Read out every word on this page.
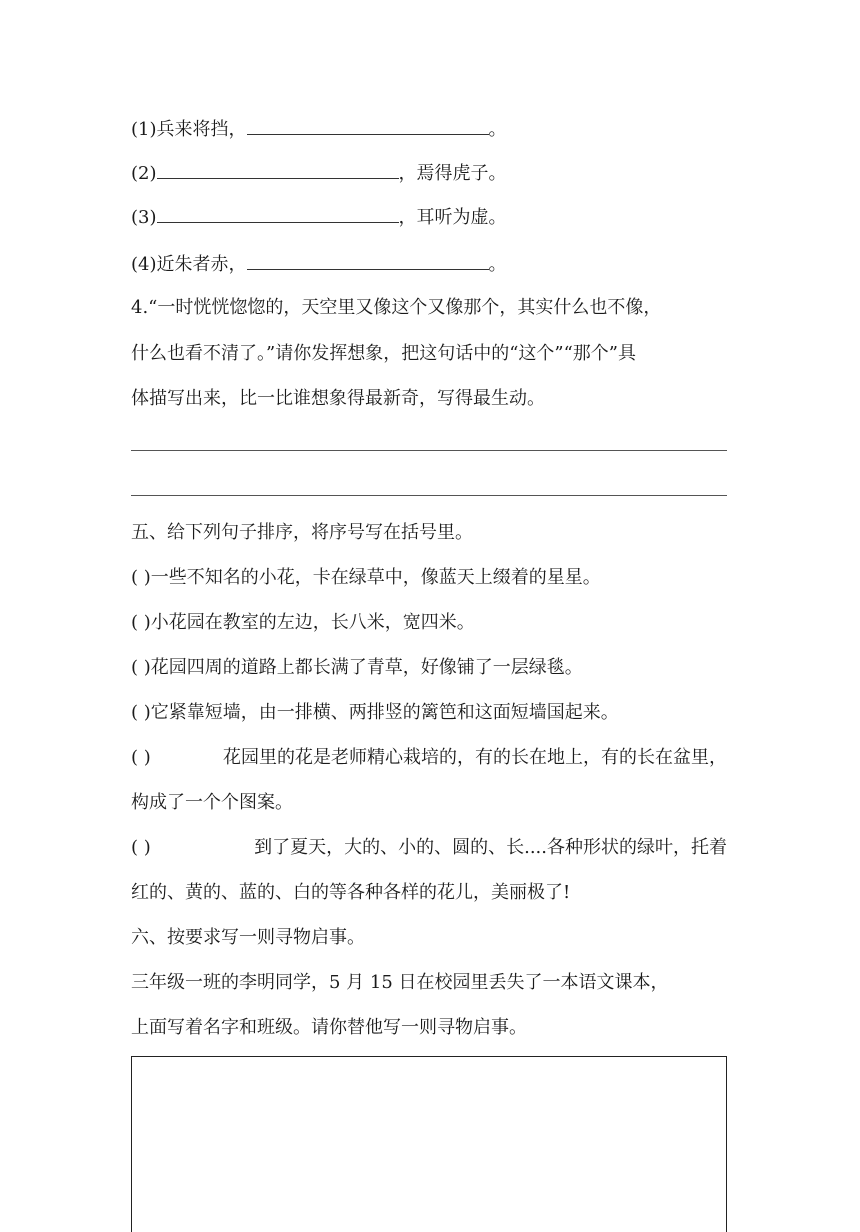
(1)兵来将挡，	。
(2)	，焉得虎子。
(3)	，耳听为虚。
(4)近朱者赤，	。
4.“一时恍恍惚惚的，天空里又像这个又像那个，其实什么也不像，
什么也看不清了。”请你发挥想象，把这句话中的“这个”“那个”具
体描写出来，比一比谁想象得最新奇，写得最生动。
五、给下列句子排序，将序号写在括号里。
( )一些不知名的小花，卡在绿草中，像蓝天上缀着的星星。
( )小花园在教室的左边，长八米，宽四米。
( )花园四周的道路上都长满了青草，好像铺了一层绿毯。
( )它紧靠短墙，由一排横、两排竖的篱笆和这面短墙国起来。
( )	花园里的花是老师精心栽培的，有的长在地上，有的长在盆里，
构成了一个个图案。
( )	到了夏天，大的、小的、圆的、长....各种形状的绿叶，托着
红的、黄的、蓝的、白的等各种各样的花儿，美丽极了!
六、按要求写一则寻物启事。
三年级一班的李明同学，5 月 15 日在校园里丢失了一本语文课本，
上面写着名字和班级。请你替他写一则寻物启事。
